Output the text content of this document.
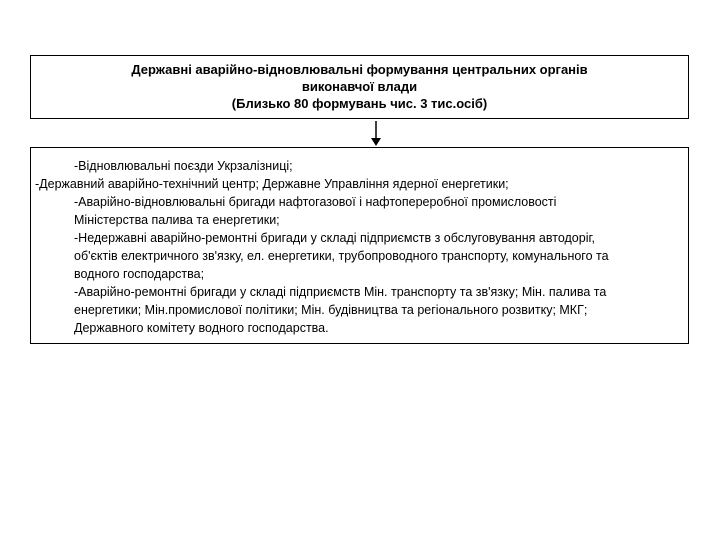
Державні аварійно-відновлювальні формування центральних органів
виконавчої влади
(Близько 80 формувань чис. 3 тис.осіб)
-Відновлювальні поєзди Укрзалізниці;
-Державний аварійно-технічний центр; Державне Управління ядерної енергетики;
-Аварійно-відновлювальні бригади нафтогазової і нафтопереробної промисловості
Міністерства палива та енергетики;
-Недержавні аварійно-ремонтні бригади у складі підприємств з обслуговування автодоріг,
об'єктів електричного зв'язку, ел. енергетики, трубопроводного транспорту, комунального та
водного господарства;
-Аварійно-ремонтні бригади у складі підприємств Мін. транспорту та зв'язку; Мін. палива та
енергетики; Мін.промислової політики; Мін. будівництва та регіонального розвитку; МКГ;
Державного комітету водного господарства.
